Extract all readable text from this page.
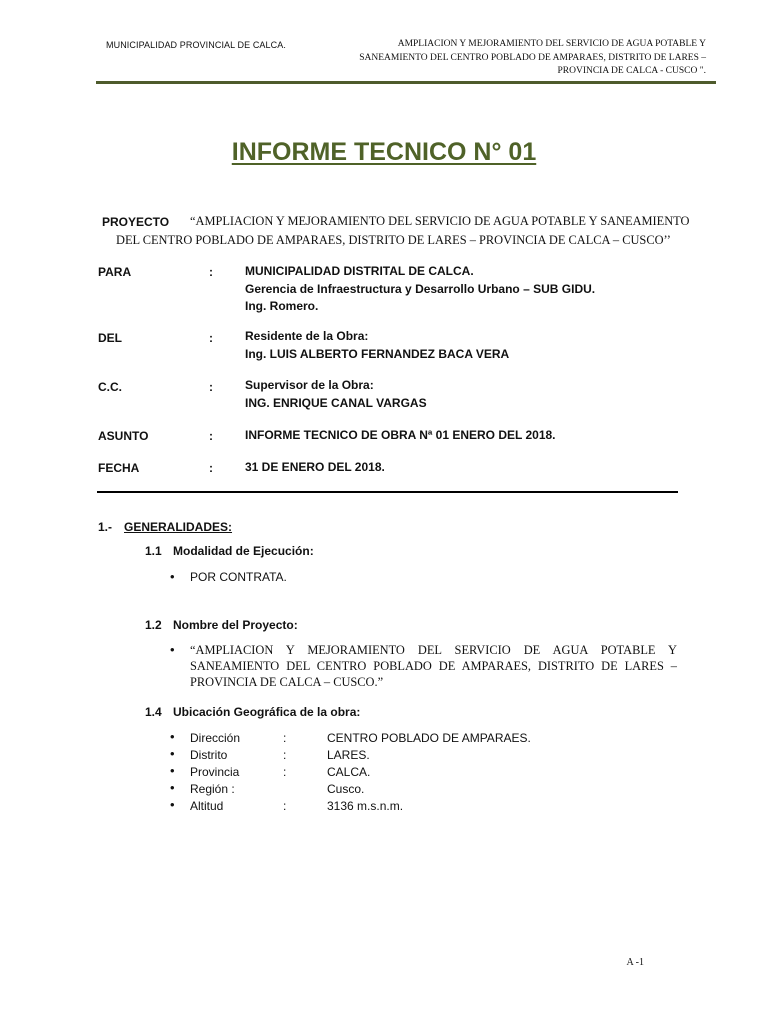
MUNICIPALIDAD PROVINCIAL DE CALCA.	AMPLIACION Y MEJORAMIENTO DEL SERVICIO DE AGUA POTABLE Y
SANEAMIENTO DEL CENTRO POBLADO DE AMPARAES, DISTRITO DE LARES –
PROVINCIA DE CALCA - CUSCO ".
INFORME TECNICO N° 01
PROYECTO “AMPLIACION Y MEJORAMIENTO DEL SERVICIO DE AGUA POTABLE Y SANEAMIENTO
DEL CENTRO POBLADO DE AMPARAES, DISTRITO DE LARES – PROVINCIA DE CALCA – CUSCO’’
PARA	:	MUNICIPALIDAD DISTRITAL DE CALCA.
Gerencia de Infraestructura y Desarrollo Urbano – SUB GIDU.
Ing. Romero.
DEL	:	Residente de la Obra:
Ing. LUIS ALBERTO FERNANDEZ BACA VERA
C.C.	:	Supervisor de la Obra:
ING. ENRIQUE CANAL VARGAS
ASUNTO	:	INFORME TECNICO DE OBRA Nª 01 ENERO DEL 2018.
FECHA	:	31 DE ENERO DEL 2018.
1.- GENERALIDADES:
1.1 Modalidad de Ejecución:
• POR CONTRATA.
1.2 Nombre del Proyecto:
• “AMPLIACION Y MEJORAMIENTO DEL SERVICIO DE AGUA POTABLE Y SANEAMIENTO DEL CENTRO POBLADO DE AMPARAES, DISTRITO DE LARES – PROVINCIA DE CALCA – CUSCO.”
1.4 Ubicación Geográfica de la obra:
• Dirección	:	CENTRO POBLADO DE AMPARAES.
• Distrito	:	LARES.
• Provincia	:	CALCA.
• Región :	Cusco.
• Altitud	:	3136 m.s.n.m.
A -1
